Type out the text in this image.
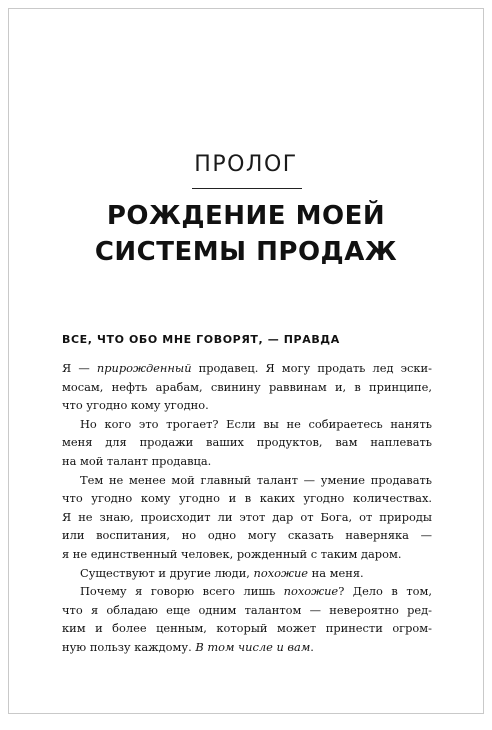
ПРОЛОГ
РОЖДЕНИЕ МОЕЙ
СИСТЕМЫ ПРОДАЖ
ВСЕ, ЧТО ОБО МНЕ ГОВОРЯТ, — ПРАВДА
Я — прирожденный продавец. Я могу продать лед эски-
мосам, нефть арабам, свинину раввинам и, в принципе,
что угодно кому угодно.
Но кого это трогает? Если вы не собираетесь нанять
меня для продажи ваших продуктов, вам наплевать
на мой талант продавца.
Тем не менее мой главный талант — умение продавать
что угодно кому угодно и в каких угодно количествах.
Я не знаю, происходит ли этот дар от Бога, от природы
или воспитания, но одно могу сказать наверняка —
я не единственный человек, рожденный с таким даром.
Существуют и другие люди, похожие на меня.
Почему я говорю всего лишь похожие? Дело в том,
что я обладаю еще одним талантом — невероятно ред-
ким и более ценным, который может принести огром-
ную пользу каждому. В том числе и вам.
